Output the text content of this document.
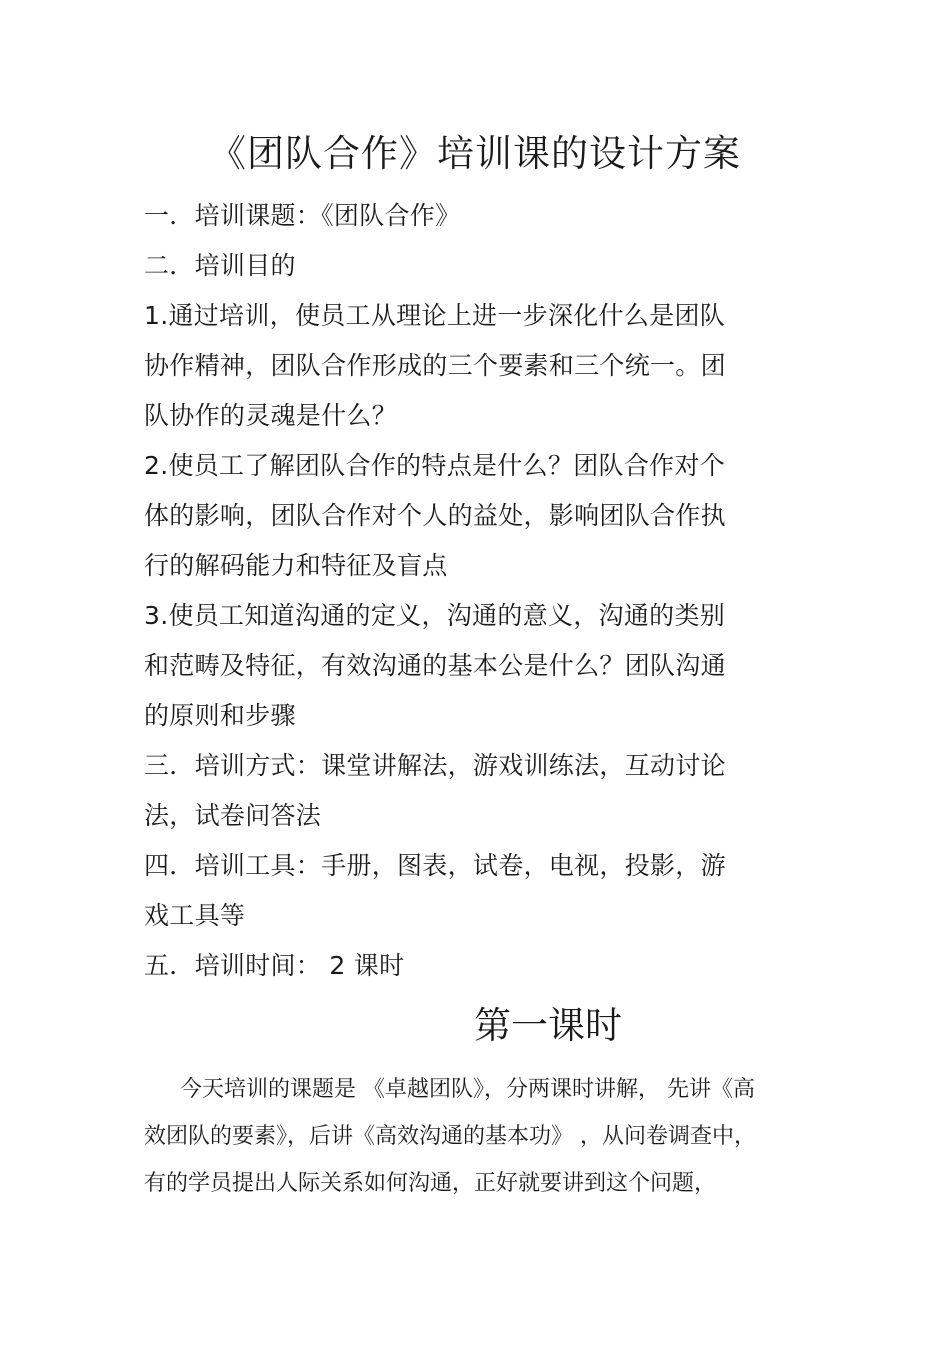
《团队合作》培训课的设计方案
一．培训课题：《团队合作》
二．培训目的
1.通过培训，使员工从理论上进一步深化什么是团队
协作精神，团队合作形成的三个要素和三个统一。团
队协作的灵魂是什么？
2.使员工了解团队合作的特点是什么？团队合作对个
体的影响，团队合作对个人的益处，影响团队合作执
行的解码能力和特征及盲点
3.使员工知道沟通的定义，沟通的意义，沟通的类别
和范畴及特征，有效沟通的基本公是什么？团队沟通
的原则和步骤
三．培训方式：课堂讲解法，游戏训练法，互动讨论
法，试卷问答法
四．培训工具：手册，图表，试卷，电视，投影，游
戏工具等
五．培训时间： 2 课时
第一课时
今天培训的课题是 《卓越团队》，分两课时讲解， 先讲《高
效团队的要素》，后讲《高效沟通的基本功》 ，从问卷调查中，
有的学员提出人际关系如何沟通，正好就要讲到这个问题，
